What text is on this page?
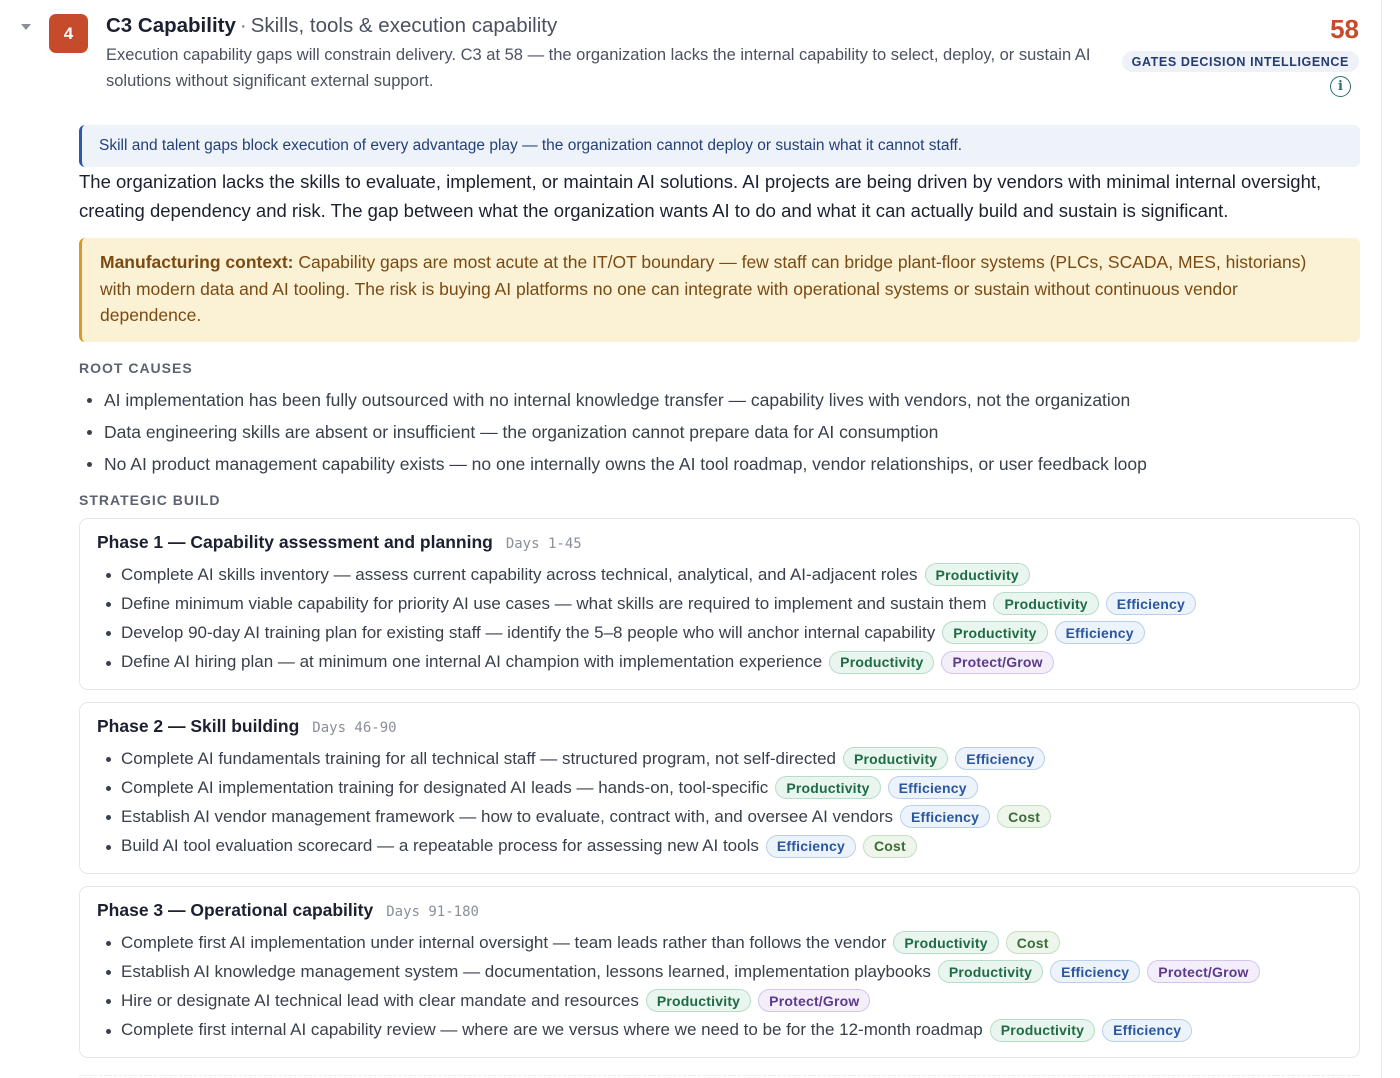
4	C3 Capability · Skills, tools & execution capability
Execution capability gaps will constrain delivery. C3 at 58 — the organization lacks the internal capability to select, deploy, or sustain AI solutions without significant external support.
58
GATES DECISION INTELLIGENCE
i
Skill and talent gaps block execution of every advantage play — the organization cannot deploy or sustain what it cannot staff.
The organization lacks the skills to evaluate, implement, or maintain AI solutions. AI projects are being driven by vendors with minimal internal oversight, creating dependency and risk. The gap between what the organization wants AI to do and what it can actually build and sustain is significant.
Manufacturing context: Capability gaps are most acute at the IT/OT boundary — few staff can bridge plant-floor systems (PLCs, SCADA, MES, historians) with modern data and AI tooling. The risk is buying AI platforms no one can integrate with operational systems or sustain without continuous vendor dependence.
ROOT CAUSES
AI implementation has been fully outsourced with no internal knowledge transfer — capability lives with vendors, not the organization
Data engineering skills are absent or insufficient — the organization cannot prepare data for AI consumption
No AI product management capability exists — no one internally owns the AI tool roadmap, vendor relationships, or user feedback loop
STRATEGIC BUILD
Phase 1 — Capability assessment and planning Days 1-45
Complete AI skills inventory — assess current capability across technical, analytical, and AI-adjacent roles	Productivity
Define minimum viable capability for priority AI use cases — what skills are required to implement and sustain them	Productivity	Efficiency
Develop 90-day AI training plan for existing staff — identify the 5–8 people who will anchor internal capability	Productivity	Efficiency
Define AI hiring plan — at minimum one internal AI champion with implementation experience	Productivity	Protect/Grow
Phase 2 — Skill building Days 46-90
Complete AI fundamentals training for all technical staff — structured program, not self-directed	Productivity	Efficiency
Complete AI implementation training for designated AI leads — hands-on, tool-specific	Productivity	Efficiency
Establish AI vendor management framework — how to evaluate, contract with, and oversee AI vendors	Efficiency	Cost
Build AI tool evaluation scorecard — a repeatable process for assessing new AI tools	Efficiency	Cost
Phase 3 — Operational capability Days 91-180
Complete first AI implementation under internal oversight — team leads rather than follows the vendor	Productivity	Cost
Establish AI knowledge management system — documentation, lessons learned, implementation playbooks	Productivity	Efficiency	Protect/Grow
Hire or designate AI technical lead with clear mandate and resources	Productivity	Protect/Grow
Complete first internal AI capability review — where are we versus where we need to be for the 12-month roadmap	Productivity	Efficiency
